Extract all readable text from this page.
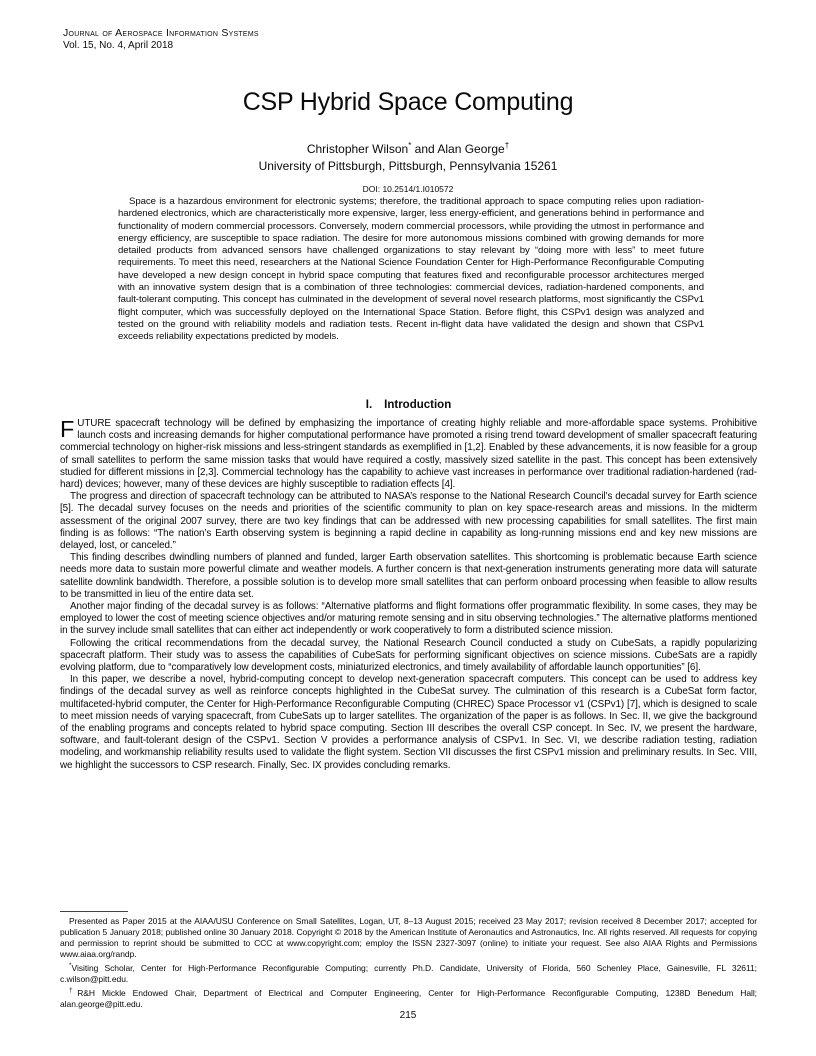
Journal of Aerospace Information Systems
Vol. 15, No. 4, April 2018
CSP Hybrid Space Computing
Christopher Wilson* and Alan George†
University of Pittsburgh, Pittsburgh, Pennsylvania 15261
DOI: 10.2514/1.I010572
Space is a hazardous environment for electronic systems; therefore, the traditional approach to space computing relies upon radiation-hardened electronics, which are characteristically more expensive, larger, less energy-efficient, and generations behind in performance and functionality of modern commercial processors. Conversely, modern commercial processors, while providing the utmost in performance and energy efficiency, are susceptible to space radiation. The desire for more autonomous missions combined with growing demands for more detailed products from advanced sensors have challenged organizations to stay relevant by “doing more with less” to meet future requirements. To meet this need, researchers at the National Science Foundation Center for High-Performance Reconfigurable Computing have developed a new design concept in hybrid space computing that features fixed and reconfigurable processor architectures merged with an innovative system design that is a combination of three technologies: commercial devices, radiation-hardened components, and fault-tolerant computing. This concept has culminated in the development of several novel research platforms, most significantly the CSPv1 flight computer, which was successfully deployed on the International Space Station. Before flight, this CSPv1 design was analyzed and tested on the ground with reliability models and radiation tests. Recent in-flight data have validated the design and shown that CSPv1 exceeds reliability expectations predicted by models.
I. Introduction

FUTURE spacecraft technology will be defined by emphasizing the importance of creating highly reliable and more-affordable space systems. Prohibitive launch costs and increasing demands for higher computational performance have promoted a rising trend toward development of smaller spacecraft featuring commercial technology on higher-risk missions and less-stringent standards as exemplified in [1,2]. Enabled by these advancements, it is now feasible for a group of small satellites to perform the same mission tasks that would have required a costly, massively sized satellite in the past. This concept has been extensively studied for different missions in [2,3]. Commercial technology has the capability to achieve vast increases in performance over traditional radiation-hardened (rad-hard) devices; however, many of these devices are highly susceptible to radiation effects [4].

The progress and direction of spacecraft technology can be attributed to NASA’s response to the National Research Council’s decadal survey for Earth science [5]. The decadal survey focuses on the needs and priorities of the scientific community to plan on key space-research areas and missions. In the midterm assessment of the original 2007 survey, there are two key findings that can be addressed with new processing capabilities for small satellites. The first main finding is as follows: “The nation’s Earth observing system is beginning a rapid decline in capability as long-running missions end and key new missions are delayed, lost, or canceled.”

This finding describes dwindling numbers of planned and funded, larger Earth observation satellites. This shortcoming is problematic because Earth science needs more data to sustain more powerful climate and weather models. A further concern is that next-generation instruments generating more data will saturate satellite downlink bandwidth. Therefore, a possible solution is to develop more small satellites that can perform onboard processing when feasible to allow results to be transmitted in lieu of the entire data set.

Another major finding of the decadal survey is as follows: “Alternative platforms and flight formations offer programmatic flexibility. In some cases, they may be employed to lower the cost of meeting science objectives and/or maturing remote sensing and in situ observing technologies.” The alternative platforms mentioned in the survey include small satellites that can either act independently or work cooperatively to form a distributed science mission.

Following the critical recommendations from the decadal survey, the National Research Council conducted a study on CubeSats, a rapidly popularizing spacecraft platform. Their study was to assess the capabilities of CubeSats for performing significant objectives on science missions. CubeSats are a rapidly evolving platform, due to “comparatively low development costs, miniaturized electronics, and timely availability of affordable launch opportunities” [6].

In this paper, we describe a novel, hybrid-computing concept to develop next-generation spacecraft computers. This concept can be used to address key findings of the decadal survey as well as reinforce concepts highlighted in the CubeSat survey. The culmination of this research is a CubeSat form factor, multifaceted-hybrid computer, the Center for High-Performance Reconfigurable Computing (CHREC) Space Processor v1 (CSPv1) [7], which is designed to scale to meet mission needs of varying spacecraft, from CubeSats up to larger satellites. The organization of the paper is as follows. In Sec. II, we give the background of the enabling programs and concepts related to hybrid space computing. Section III describes the overall CSP concept. In Sec. IV, we present the hardware, software, and fault-tolerant design of the CSPv1. Section V provides a performance analysis of CSPv1. In Sec. VI, we describe radiation testing, radiation modeling, and workmanship reliability results used to validate the flight system. Section VII discusses the first CSPv1 mission and preliminary results. In Sec. VIII, we highlight the successors to CSP research. Finally, Sec. IX provides concluding remarks.

Presented as Paper 2015 at the AIAA/USU Conference on Small Satellites, Logan, UT, 8–13 August 2015; received 23 May 2017; revision received 8 December 2017; accepted for publication 5 January 2018; published online 30 January 2018. Copyright © 2018 by the American Institute of Aeronautics and Astronautics, Inc. All rights reserved. All requests for copying and permission to reprint should be submitted to CCC at www.copyright.com; employ the ISSN 2327-3097 (online) to initiate your request. See also AIAA Rights and Permissions www.aiaa.org/randp.

*Visiting Scholar, Center for High-Performance Reconfigurable Computing; currently Ph.D. Candidate, University of Florida, 560 Schenley Place, Gainesville, FL 32611; c.wilson@pitt.edu.

†R&H Mickle Endowed Chair, Department of Electrical and Computer Engineering, Center for High-Performance Reconfigurable Computing, 1238D Benedum Hall; alan.george@pitt.edu.

215
